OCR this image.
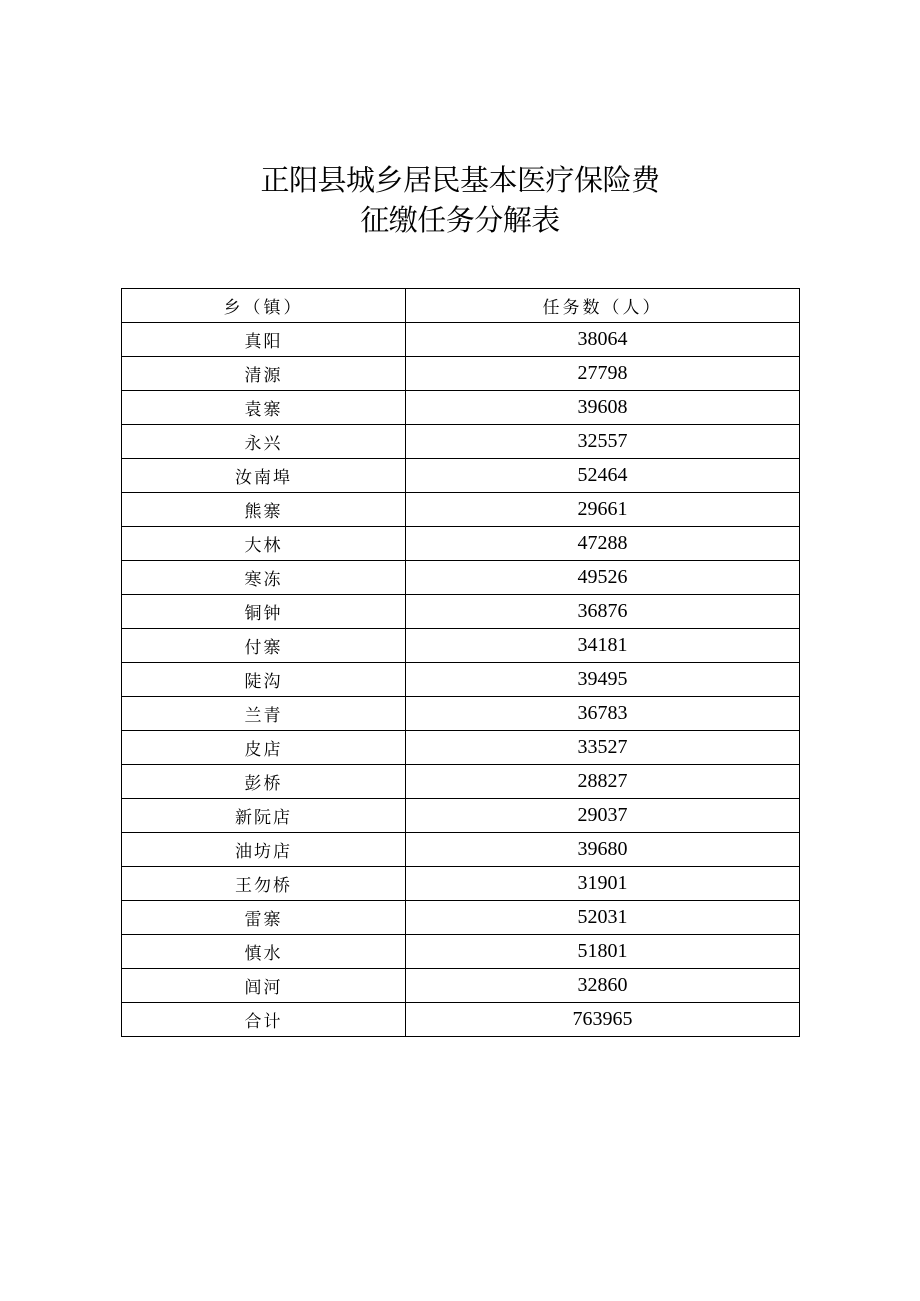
正阳县城乡居民基本医疗保险费

征缴任务分解表

乡（镇）	任务数（人）
真阳	38064
清源	27798
袁寨	39608
永兴	32557
汝南埠	52464
熊寨	29661
大林	47288
寒冻	49526
铜钟	36876
付寨	34181
陡沟	39495
兰青	36783
皮店	33527
彭桥	28827
新阮店	29037
油坊店	39680
王勿桥	31901
雷寨	52031
慎水	51801
闾河	32860
合计	763965
